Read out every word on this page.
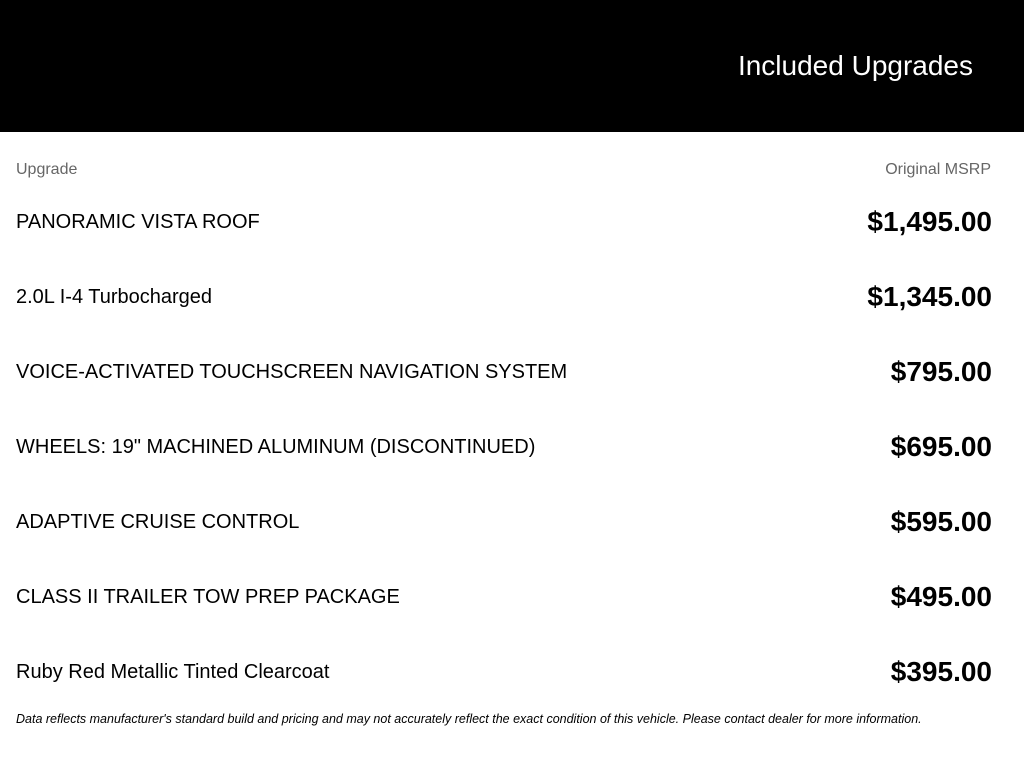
Included Upgrades
Upgrade	Original MSRP
PANORAMIC VISTA ROOF	$1,495.00
2.0L I-4 Turbocharged	$1,345.00
VOICE-ACTIVATED TOUCHSCREEN NAVIGATION SYSTEM	$795.00
WHEELS: 19" MACHINED ALUMINUM (DISCONTINUED)	$695.00
ADAPTIVE CRUISE CONTROL	$595.00
CLASS II TRAILER TOW PREP PACKAGE	$495.00
Ruby Red Metallic Tinted Clearcoat	$395.00
Data reflects manufacturer's standard build and pricing and may not accurately reflect the exact condition of this vehicle. Please contact dealer for more information.
